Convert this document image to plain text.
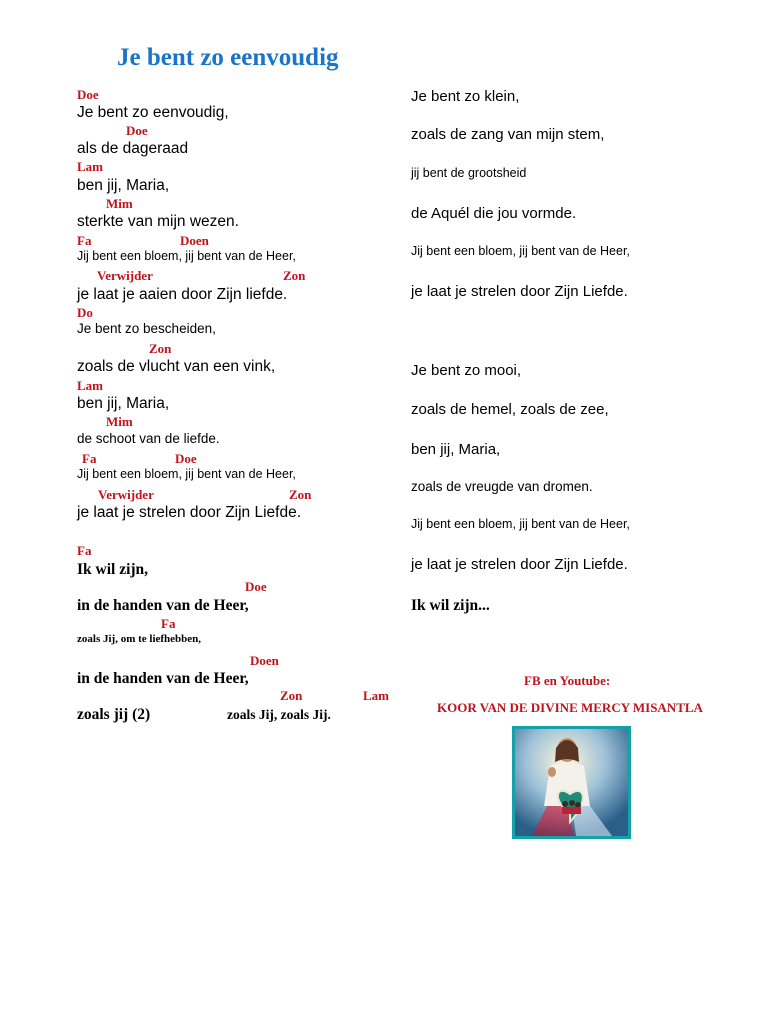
Je bent zo eenvoudig
Doe
Je bent zo eenvoudig,
Doe
als de dageraad
Lam
ben jij, Maria,
Mim
sterkte van mijn wezen.
Fa	Doen
Jij bent een bloem, jij bent van de Heer,
Verwijder	Zon
je laat je aaien door Zijn liefde.
Do
Je bent zo bescheiden,
Zon
zoals de vlucht van een vink,
Lam
ben jij, Maria,
Mim
de schoot van de liefde.
Fa	Doe
Jij bent een bloem, jij bent van de Heer,
Verwijder	Zon
je laat je strelen door Zijn Liefde.
Fa
Ik wil zijn,
Doe
in de handen van de Heer,
Fa
zoals Jij, om te liefhebben,
Doen
in de handen van de Heer,
Zon	Lam
zoals jij (2)	zoals Jij, zoals Jij.
Je bent zo klein,
zoals de zang van mijn stem,
jij bent de grootsheid
de Aquél die jou vormde.
Jij bent een bloem, jij bent van de Heer,
je laat je strelen door Zijn Liefde.
Je bent zo mooi,
zoals de hemel, zoals de zee,
ben jij, Maria,
zoals de vreugde van dromen.
Jij bent een bloem, jij bent van de Heer,
je laat je strelen door Zijn Liefde.
Ik wil zijn...
FB en Youtube:
KOOR VAN DE DIVINE MERCY MISANTLA
